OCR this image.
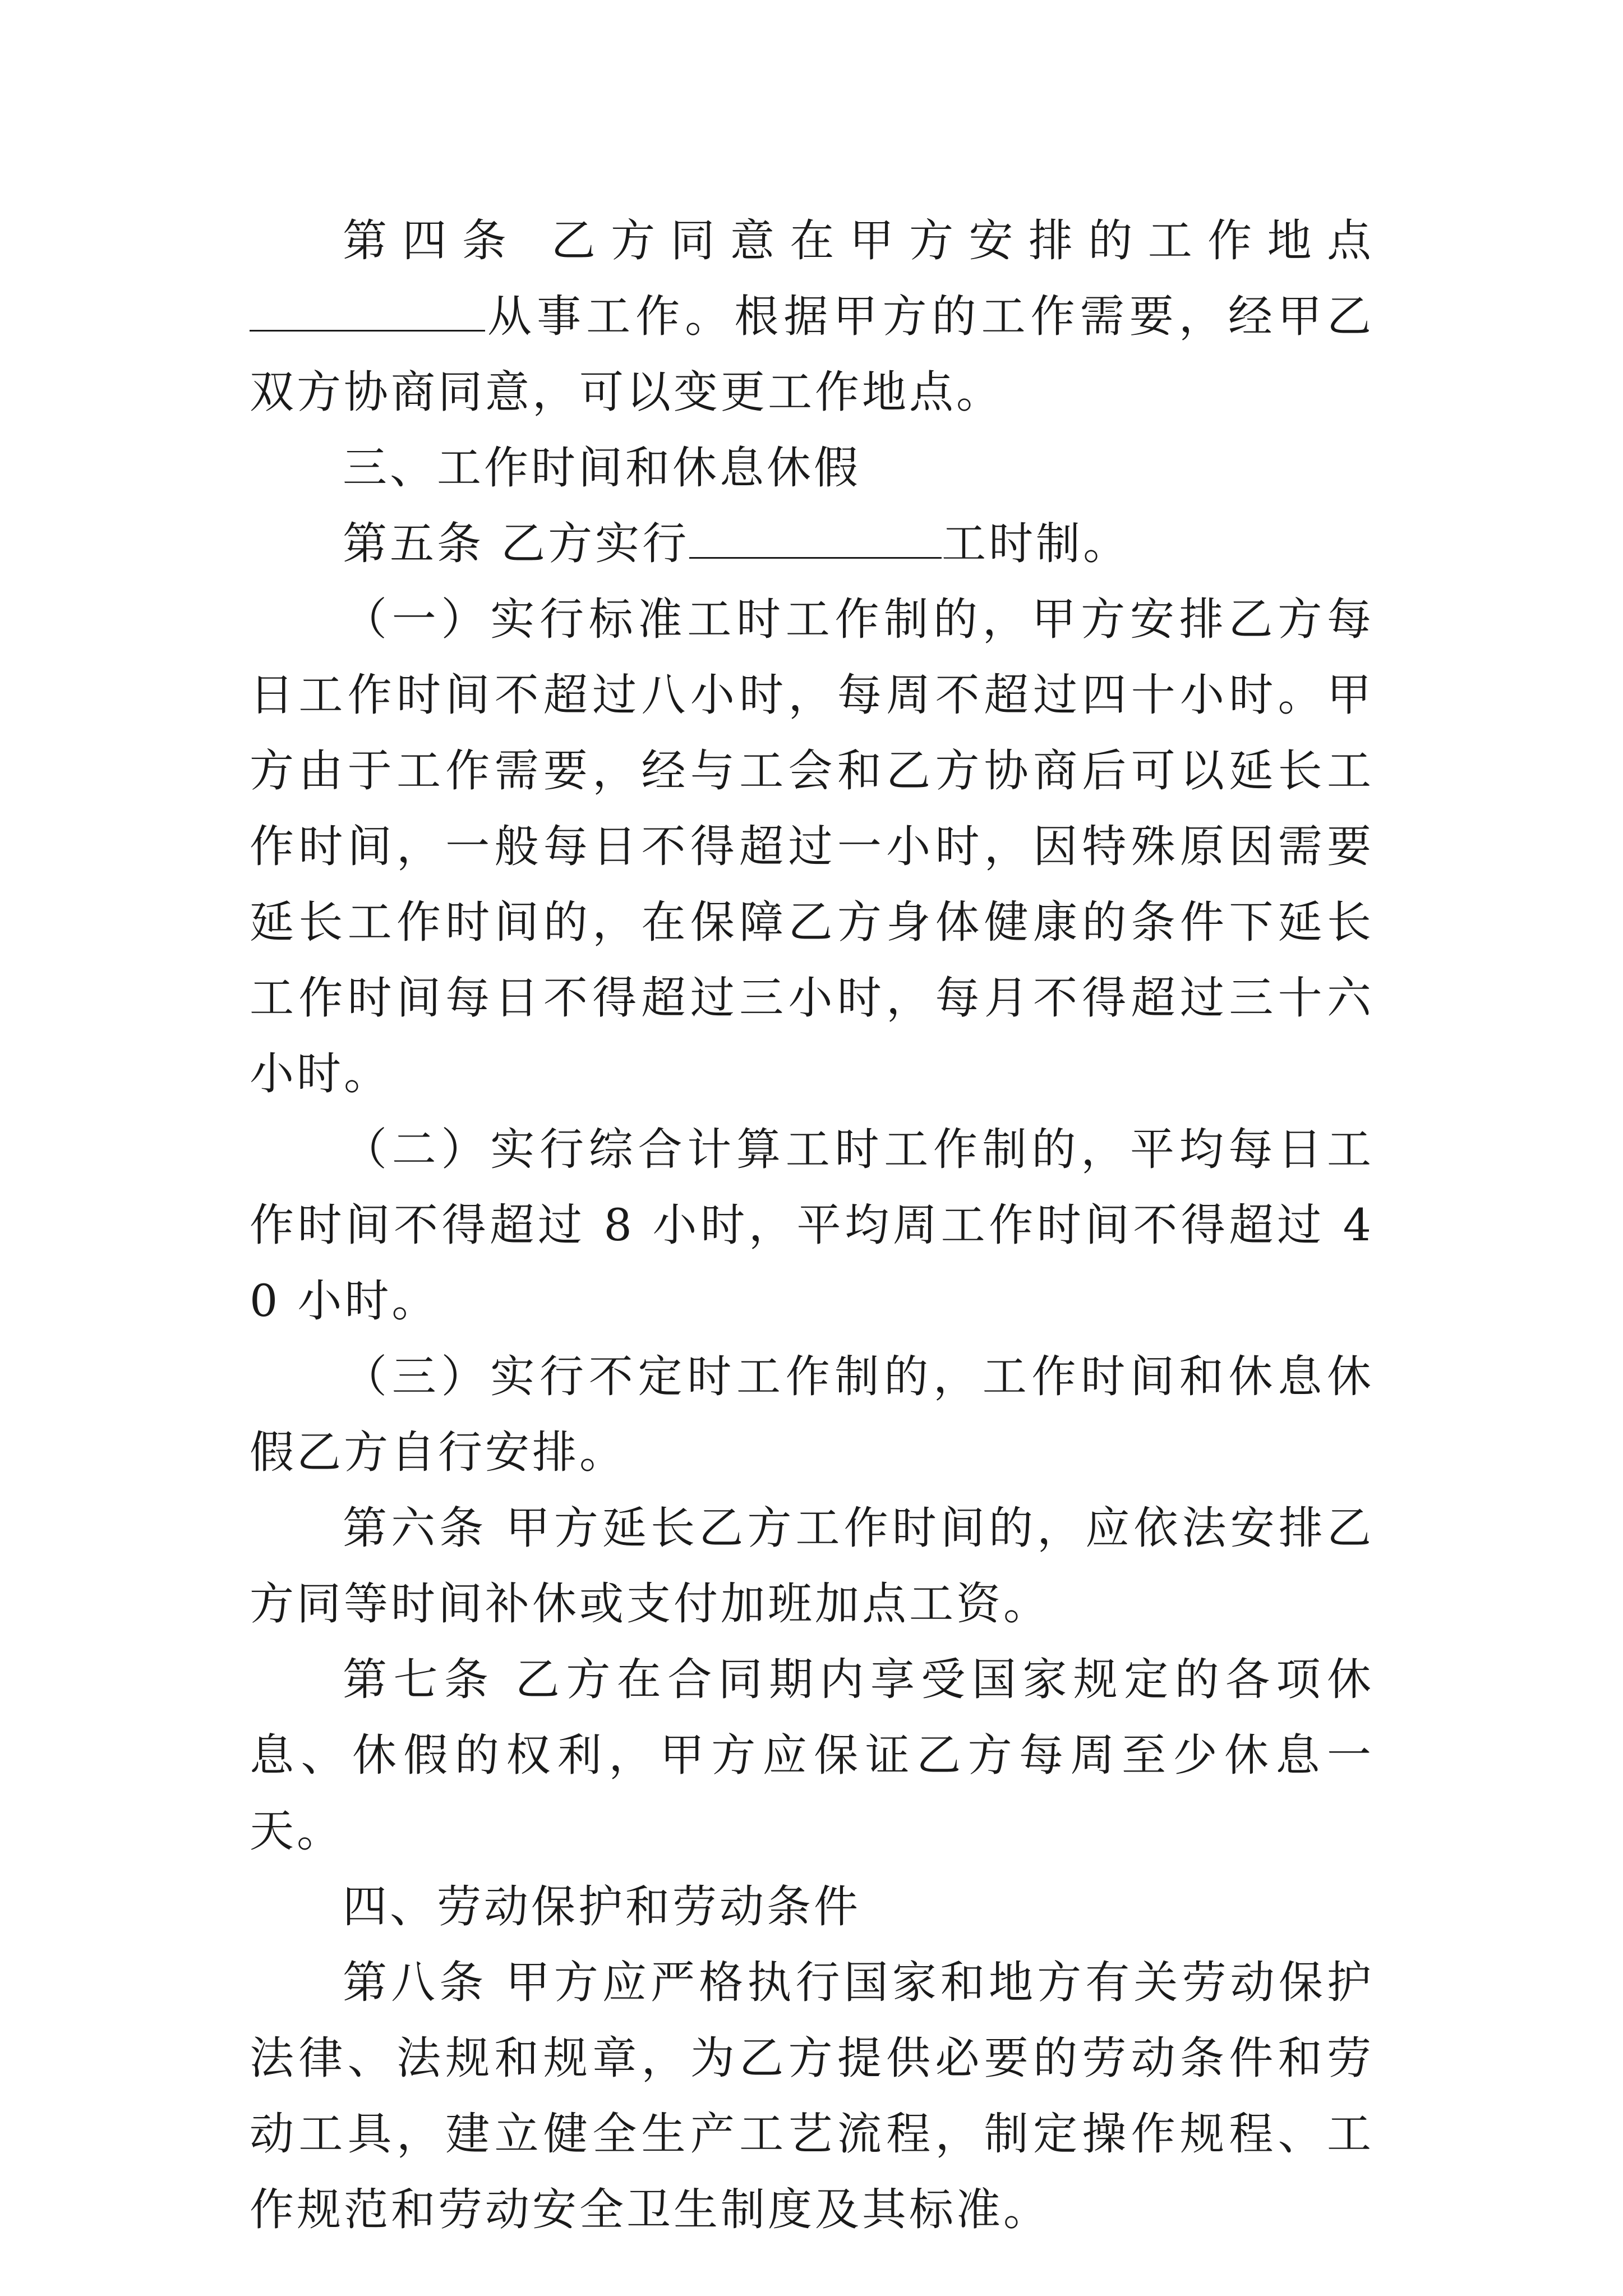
第四条 乙方同意在甲方安排的工作地点从事工作。根据甲方的工作需要，经甲乙双方协商同意，可以变更工作地点。

三、工作时间和休息休假

第五条 乙方实行	工时制。

（一）实行标准工时工作制的，甲方安排乙方每日工作时间不超过八小时，每周不超过四十小时。甲方由于工作需要，经与工会和乙方协商后可以延长工作时间，一般每日不得超过一小时，因特殊原因需要延长工作时间的，在保障乙方身体健康的条件下延长工作时间每日不得超过三小时，每月不得超过三十六小时。

（二）实行综合计算工时工作制的，平均每日工作时间不得超过 8 小时，平均周工作时间不得超过 40 小时。

（三）实行不定时工作制的，工作时间和休息休假乙方自行安排。

第六条 甲方延长乙方工作时间的，应依法安排乙方同等时间补休或支付加班加点工资。

第七条 乙方在合同期内享受国家规定的各项休息、休假的权利，甲方应保证乙方每周至少休息一天。

四、劳动保护和劳动条件

第八条 甲方应严格执行国家和地方有关劳动保护法律、法规和规章，为乙方提供必要的劳动条件和劳动工具，建立健全生产工艺流程，制定操作规程、工作规范和劳动安全卫生制度及其标准。
